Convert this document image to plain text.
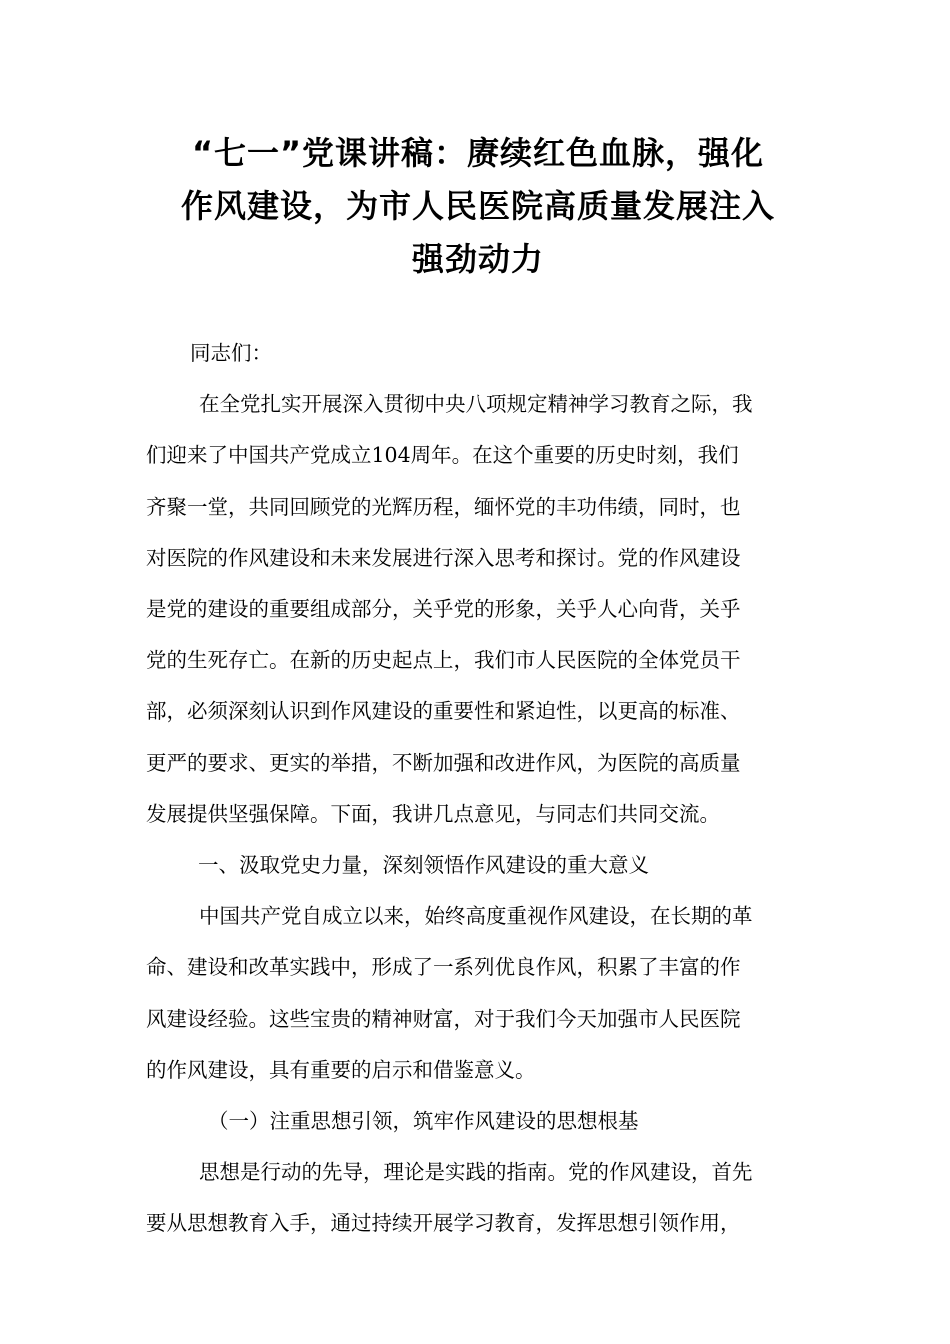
“七一”党课讲稿：赓续红色血脉，强化
作风建设，为市人民医院高质量发展注入
强劲动力

同志们：

在全党扎实开展深入贯彻中央八项规定精神学习教育之际，我
们迎来了中国共产党成立104周年。在这个重要的历史时刻，我们
齐聚一堂，共同回顾党的光辉历程，缅怀党的丰功伟绩，同时，也
对医院的作风建设和未来发展进行深入思考和探讨。党的作风建设
是党的建设的重要组成部分，关乎党的形象，关乎人心向背，关乎
党的生死存亡。在新的历史起点上，我们市人民医院的全体党员干
部，必须深刻认识到作风建设的重要性和紧迫性，以更高的标准、
更严的要求、更实的举措，不断加强和改进作风，为医院的高质量
发展提供坚强保障。下面，我讲几点意见，与同志们共同交流。

一、汲取党史力量，深刻领悟作风建设的重大意义

中国共产党自成立以来，始终高度重视作风建设，在长期的革
命、建设和改革实践中，形成了一系列优良作风，积累了丰富的作
风建设经验。这些宝贵的精神财富，对于我们今天加强市人民医院
的作风建设，具有重要的启示和借鉴意义。

（一）注重思想引领，筑牢作风建设的思想根基

思想是行动的先导，理论是实践的指南。党的作风建设，首先
要从思想教育入手，通过持续开展学习教育，发挥思想引领作用，
